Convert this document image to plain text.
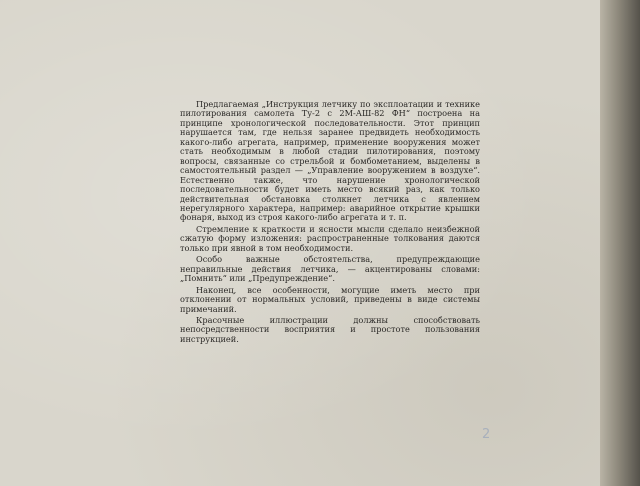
Предлагаемая „Инструкция летчику по эксплоатации и технике пилотирования самолета Ту-2 с 2М-АШ-82 ФН“ построена на принципе хронологической последовательности. Этот принцип нарушается там, где нельзя заранее предвидеть необходимость какого-либо агрегата, например, применение вооружения может стать необходимым в любой стадии пилотирования, поэтому вопросы, связанные со стрельбой и бомбометанием, выделены в самостоятельный раздел — „Управление вооружением в воздухе“. Естественно также, что нарушение хронологической последовательности будет иметь место всякий раз, как только действительная обстановка столкнет летчика с явлением неpегулярного характера, например: аварийное открытие крышки фонаря, выход из строя какого-либо агрегата и т. п.

Стремление к краткости и ясности мысли сделало неизбежной сжатую форму изложения: распространенные толкования даются только при явной в том необходимости.

Особо важные обстоятельства, предупреждающие неправильные действия летчика, — акцентированы словами: „Помнить“ или „Предупреждение“.

Наконец, все особенности, могущие иметь место при отклонении от нормальных условий, приведены в виде системы примечаний.

Красочные иллюстрации должны способствовать непосредственности восприятия и простоте пользования инструкцией.

2
